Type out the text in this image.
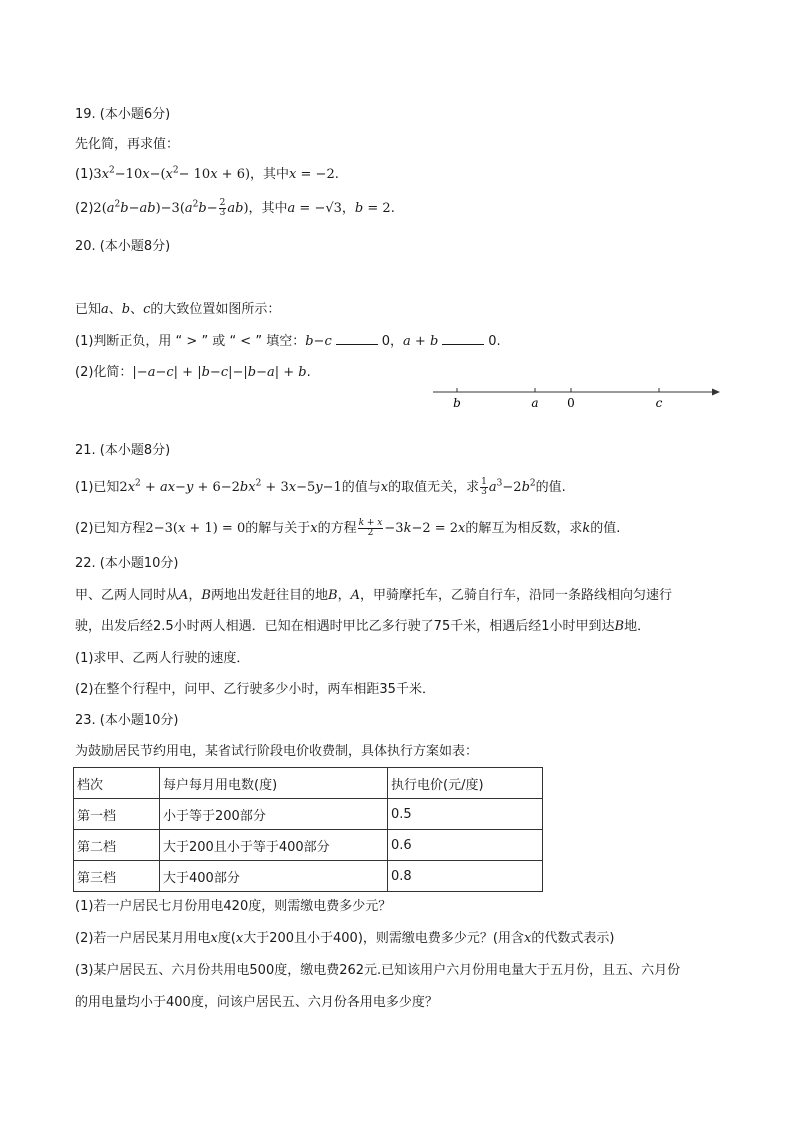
19. (本小题6分)
先化简，再求值：
$(1)3x^2-10x-(x^2- 10x + 6)$，其中x = −2.
$(2)2(a^2b-ab)-3(a^2b- \frac{2}{3} ab)$，其中a = −√3，b = 2.
20. (本小题8分)
已知a、b、c的大致位置如图所示：
(1)判断正负，用 “ > ” 或 “ < ” 填空：b−c	0，a + b	0.
(2)化简：|−a−c| + |b−c|−|b−a| + b.
b	a 0	c
21. (本小题8分)
(1)已知$2x^2 + ax-y + 6-2bx^2 + 3x-5y-1$的值与x的取值无关，求 $\frac{1}{3} a^3-2b^2$的值.
(2)已知方程2−3(x + 1) = 0的解与关于x的方程 $\frac{k + x}{2} -3k-2 = 2x$的解互为相反数，求k的值.
22. (本小题10分)
甲、乙两人同时从A，B两地出发赶往目的地B，A，甲骑摩托车，乙骑自行车，沿同一条路线相向匀速行
驶，出发后经2.5小时两人相遇．已知在相遇时甲比乙多行驶了75千米，相遇后经1小时甲到达B地．
(1)求甲、乙两人行驶的速度．
(2)在整个行程中，问甲、乙行驶多少小时，两车相距35千米．
23. (本小题10分)
为鼓励居民节约用电，某省试行阶段电价收费制，具体执行方案如表：
档次	每户每月用电数(度)	执行电价(元/度)
第一档	小于等于200部分	0.5
第二档	大于200且小于等于400部分	0.6
第三档	大于400部分	0.8
(1)若一户居民七月份用电420度，则需缴电费多少元？
(2)若一户居民某月用电x度(x大于200且小于400)，则需缴电费多少元？(用含x的代数式表示)
(3)某户居民五、六月份共用电500度，缴电费262元.已知该用户六月份用电量大于五月份，且五、六月份
的用电量均小于400度，问该户居民五、六月份各用电多少度？
